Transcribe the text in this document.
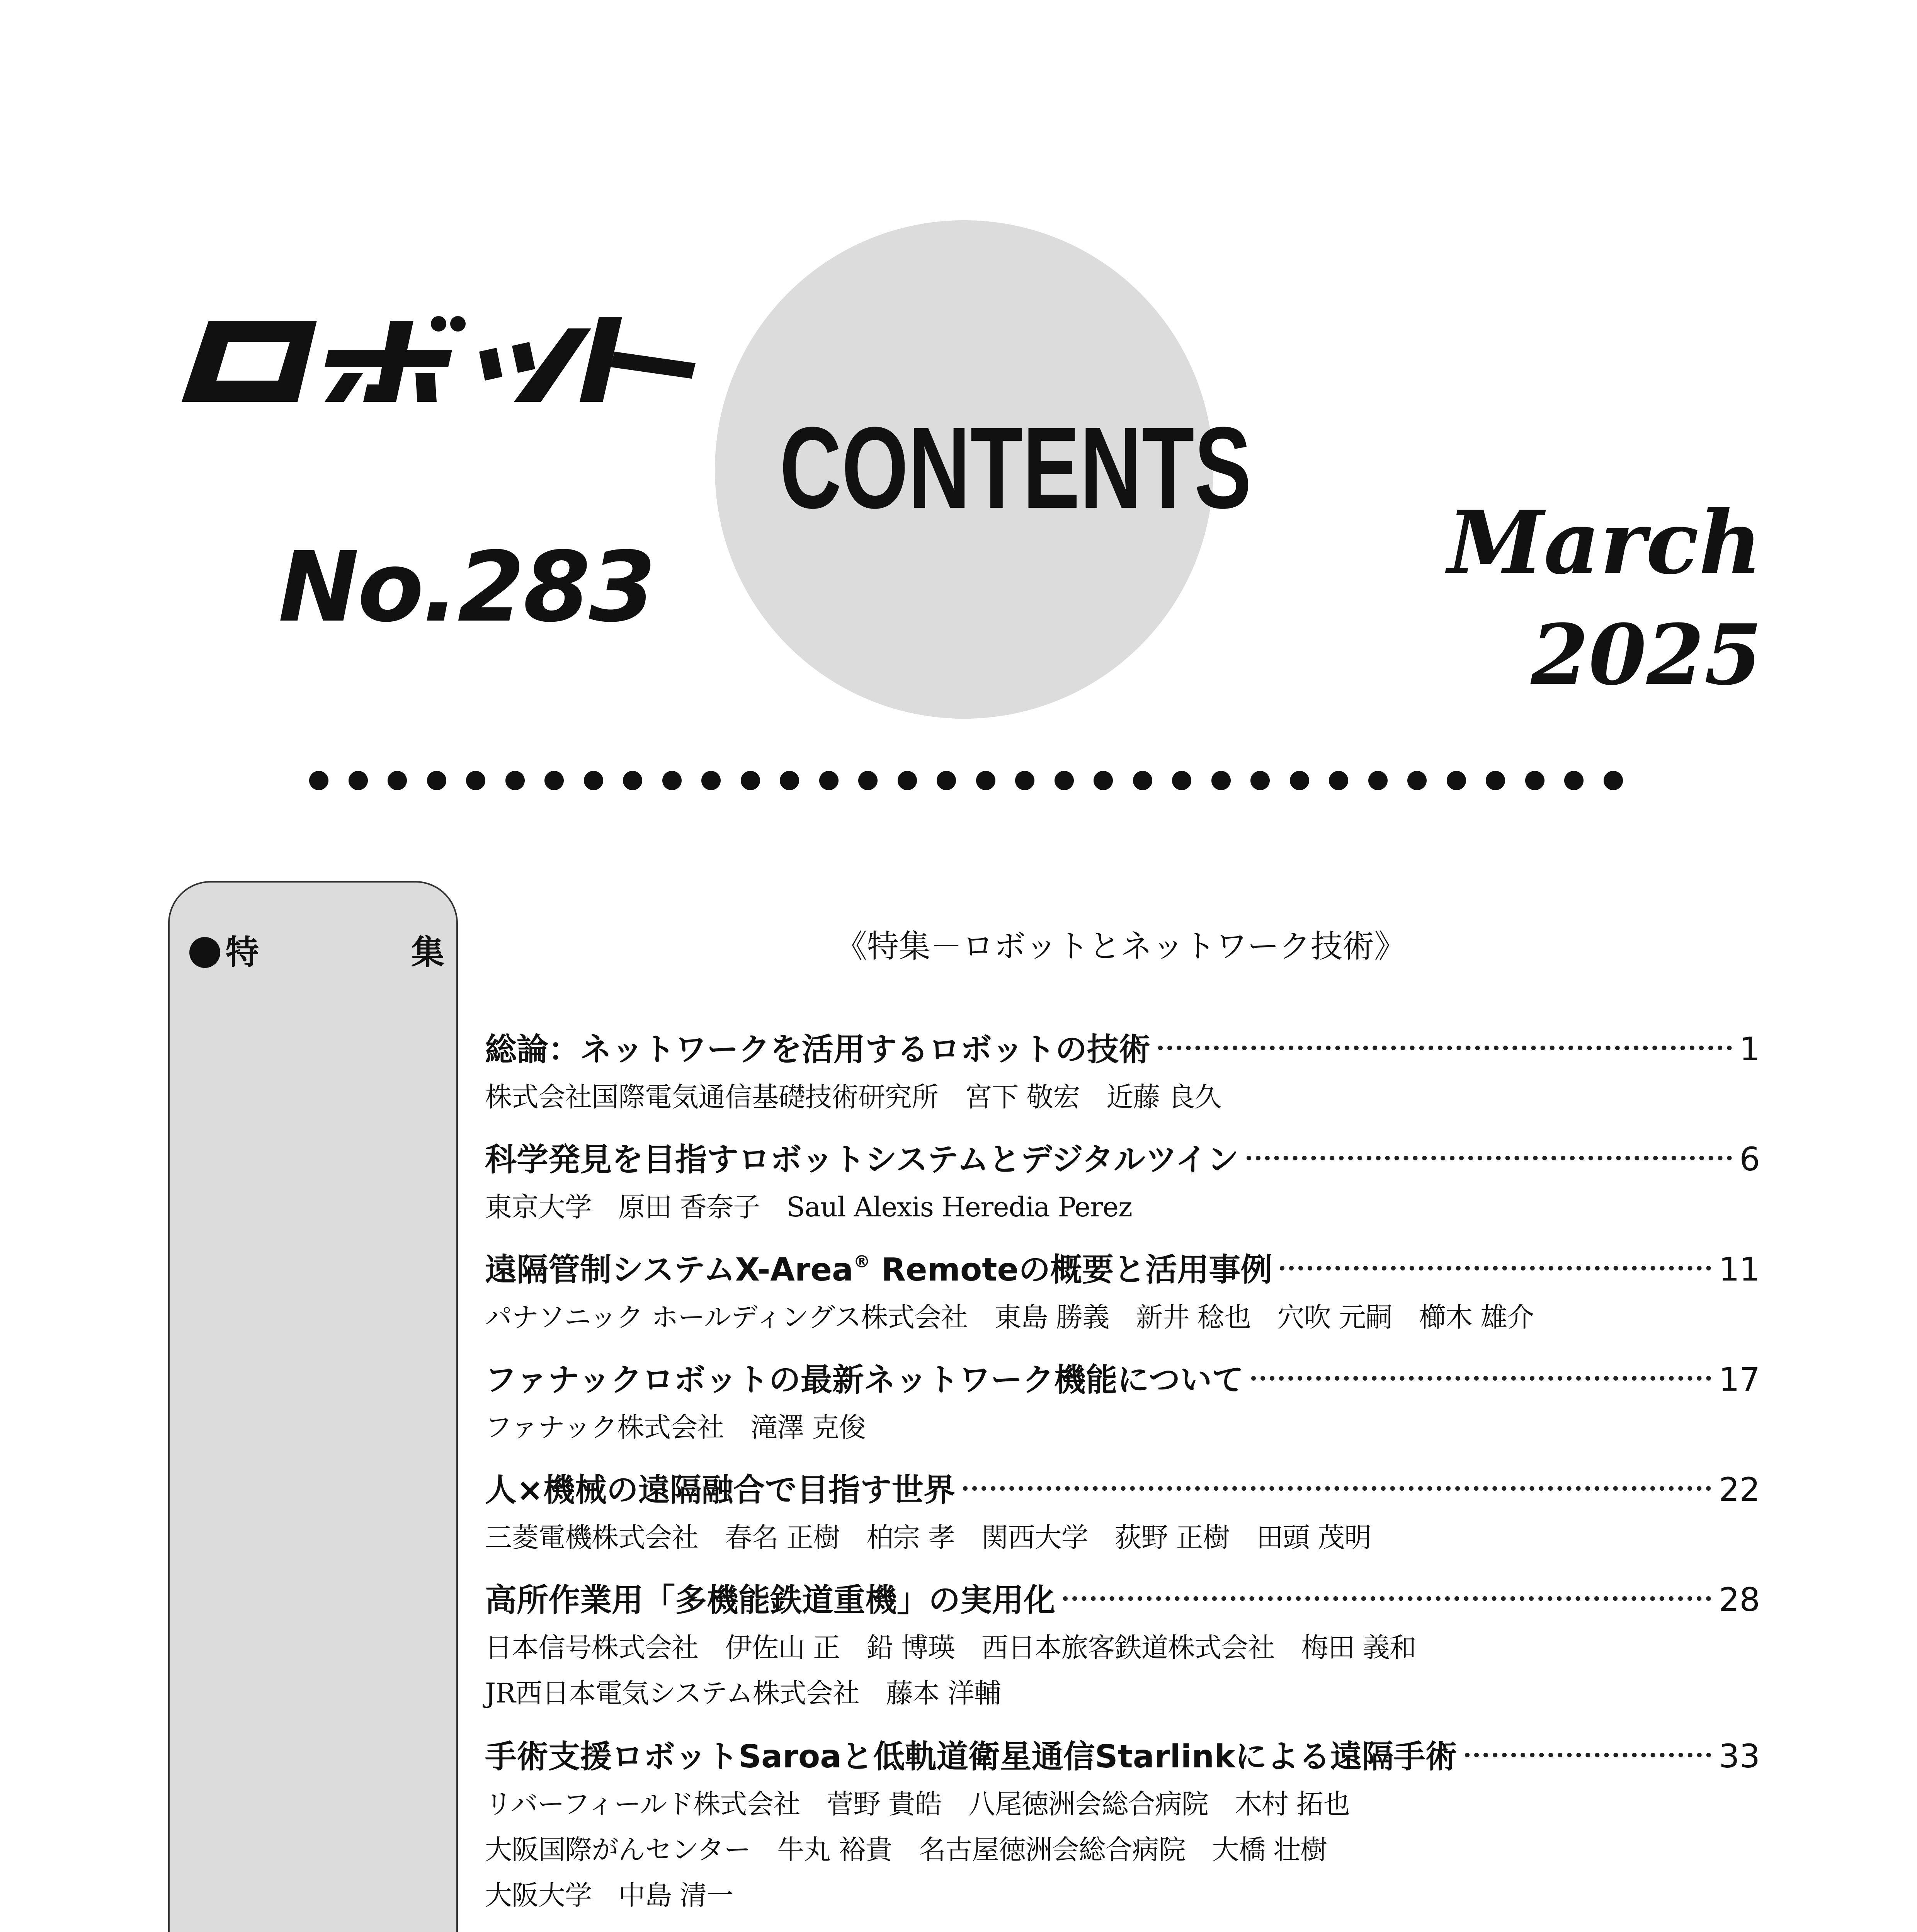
No.283
CONTENTS
March
2025
特	集	《特集－ロボットとネットワーク技術》
総論：ネットワークを活用するロボットの技術	1
株式会社国際電気通信基礎技術研究所　宮下 敬宏　近藤 良久
科学発見を目指すロボットシステムとデジタルツイン	6
東京大学　原田 香奈子　Saul Alexis Heredia Perez
遠隔管制システムX-Area® Remoteの概要と活用事例	11
パナソニック ホールディングス株式会社　東島 勝義　新井 稔也　穴吹 元嗣　櫛木 雄介
ファナックロボットの最新ネットワーク機能について	17
ファナック株式会社　滝澤 克俊
人×機械の遠隔融合で目指す世界	22
三菱電機株式会社　春名 正樹　柏宗 孝　関西大学　荻野 正樹　田頭 茂明
高所作業用「多機能鉄道重機」の実用化	28
日本信号株式会社　伊佐山 正　鉛 博瑛　西日本旅客鉄道株式会社　梅田 義和
JR西日本電気システム株式会社　藤本 洋輔
手術支援ロボットSaroaと低軌道衛星通信Starlinkによる遠隔手術	33
リバーフィールド株式会社　菅野 貴皓　八尾徳洲会総合病院　木村 拓也
大阪国際がんセンター　牛丸 裕貴　名古屋徳洲会総合病院　大橋 壮樹
大阪大学　中島 清一
